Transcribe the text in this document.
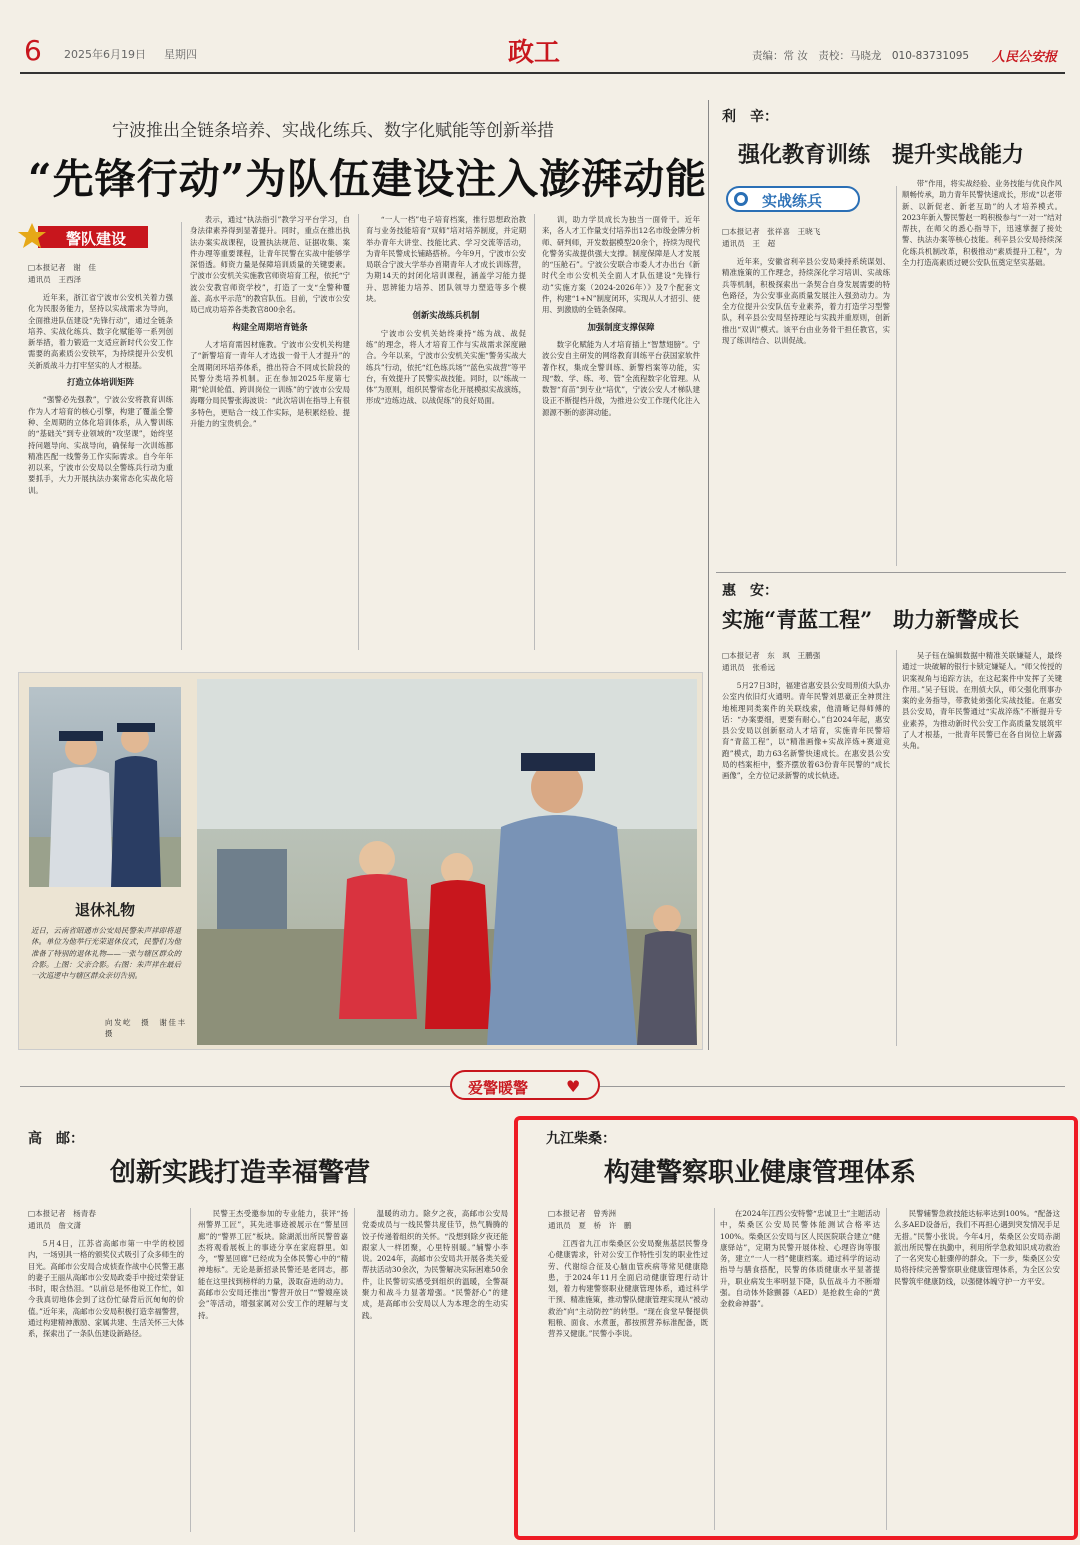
6 2025年6月19日 星期四	政工	责编：常 汝　责校：马晓龙　010-83731095 人民公安报
宁波推出全链条培养、实战化练兵、数字化赋能等创新举措
“先锋行动”为队伍建设注入澎湃动能
警队建设
□本报记者　谢　佳
通讯员　王西泽

近年来，浙江省宁波市公安机关着力强化为民服务能力，坚持以实战需求为导向，全面推进队伍建设“先锋行动”，通过全链条培养、实战化练兵、数字化赋能等一系列创新举措，着力锻造一支适应新时代公安工作需要的高素质公安铁军，为持续提升公安机关新质战斗力打牢坚实的人才根基。

打造立体培训矩阵

“强警必先强教”，宁波公安将教育训练作为人才培育的核心引擎，构建了覆盖全警种、全周期的立体化培训体系，从入警训练的“基础关”到专业领域的“攻坚课”，始终坚持问题导向、实战导向，确保每一次训练都精准匹配一线警务工作实际需求。自今年年初以来，宁波市公安局以全警练兵行动为重要抓手，大力开展执法办案常态化实战化培训。

表示，通过“执法指引”教学习平台学习，自身法律素养得到显著提升。同时，重点在推出执法办案实战课程，设置执法规范、证据收集、案件办理等重要课程，让青年民警在实战中能够学深悟透。师资力量是保障培训质量的关键要素。宁波市公安机关实施教官师资培育工程，依托“宁波公安教官师资学校”，打造了一支“全警种覆盖、高水平示范”的教官队伍。目前，宁波市公安局已成功培养各类教官800余名。

构建全周期培育链条

人才培育需因材施教。宁波市公安机关构建了“新警培育一青年人才选拔一骨干人才提升”的全周期闭环培养体系，推出符合不同成长阶段的民警分类培养机制。正在参加2025年度第七期“轮训轮值、跨训岗位一训练”的宁波市公安局海曙分局民警张海波说：“此次培训在指导上有很多特色，更贴合一线工作实际，是积累经验、提升能力的宝贵机会。”

“一人一档”电子培育档案，推行思想政治教育与业务技能培育“双师”培对培养制度，并定期举办青年大讲堂、技能比武、学习交流等活动，为青年民警成长铺路搭桥。今年9月，宁波市公安局联合宁波大学举办首期青年人才成长训练营，为期14天的封闭化培训课程，涵盖学习能力提升、思辨能力培养、团队领导力塑造等多个模块。

创新实战练兵机制

宁波市公安机关始终秉持“练为战、战促练”的理念，将人才培育工作与实战需求深度融合。今年以来，宁波市公安机关实施“警务实战大练兵”行动，依托“红色练兵场”“蓝色实战营”等平台，有效提升了民警实战技能。同时，以“练战一体”为原则，组织民警常态化开展模拟实战演练，形成“边练边战、以战促练”的良好局面。

训，助力学员成长为独当一面骨干。近年来，各人才工作量支付培养出12名市级金牌分析师、研判师，开发数据模型20余个，持续为现代化警务实战提供强大支撑。制度保障是人才发展的“压舱石”。宁波公安联合市委人才办出台《新时代全市公安机关全面人才队伍建设“先锋行动”实施方案（2024-2026年）》及7个配套文件，构建“1+N”制度闭环，实现从人才招引、使用、到激励的全链条保障。

加强制度支撑保障

数字化赋能为人才培育插上“智慧翅膀”。宁波公安自主研发的网络教育训练平台获国家软件著作权，集成全警训练、新警档案等功能，实现“数、学、练、考、管”全流程数字化管理。从数智“育苗”到专业“培优”，宁波公安人才梯队建设正不断提档升级，为推进公安工作现代化注入源源不断的澎湃动能。

退休礼物
近日，云南省昭通市公安局民警朱声祥即将退休。单位为他举行光荣退休仪式，民警们为他准备了特别的退休礼物——一张与辖区群众的合影。上图：父亲合影。右图：朱声祥在最后一次巡逻中与辖区群众亲切告别。
向发屹　摄　谢佳丰　摄
利　辛：
强化教育训练　提升实战能力
实战练兵
□本报记者　张祥喜　王晓飞
通讯员　王　超

近年来，安徽省利辛县公安局秉持系统谋划、精准施策的工作理念，持续深化学习培训、实战练兵等机制，积极探索出一条契合自身发展需要的特色路径，为公安事业高质量发展注入强劲动力。为全方位提升公安队伍专业素养，着力打造学习型警队，利辛县公安局坚持理论与实践并重原则，创新推出“双训”模式。该平台由业务骨干担任教官，实现了练训结合、以训促战。

带”作用，将实战经验、业务技能与优良作风顺畅传承，助力青年民警快速成长，形成“以老带新、以新促老、新老互助”的人才培养模式。2023年新入警民警赵一鸣积极参与“一对一”结对帮扶，在师父的悉心指导下，迅速掌握了接处警、执法办案等核心技能。利辛县公安局持续深化练兵机制改革，积极推动“素质提升工程”，为全力打造高素质过硬公安队伍奠定坚实基础。

惠　安：
实施“青蓝工程”　助力新警成长
□本报记者　东　飒　王鹏强
通讯员　张希远

5月27日3时，福建省惠安县公安局刑侦大队办公室内依旧灯火通明。青年民警刘思豪正全神贯注地梳理同类案件的关联线索，他清晰记得师傅的话：“办案要细，更要有耐心。”自2024年起，惠安县公安局以创新驱动人才培育，实施青年民警培育“青蓝工程”，以“精准画像+实战淬炼+赛道竞跑”模式，助力63名新警快速成长。在惠安县公安局的档案柜中，整齐摆放着63份青年民警的“成长画像”，全方位记录新警的成长轨迹。

吴子钰在编辑数据中精准关联嫌疑人，最终通过一块破解的银行卡锁定嫌疑人。“师父传授的识案视角与追踪方法，在这起案件中发挥了关键作用。”吴子钰说。在刑侦大队，师父强化刑事办案的业务指导，带教徒弟强化实战技能。在惠安县公安局，青年民警通过“实战淬炼”不断提升专业素养，为推动新时代公安工作高质量发展筑牢了人才根基，一批青年民警已在各自岗位上崭露头角。

爱警暖警 ♥
高　邮：
创新实践打造幸福警营
□本报记者　杨青春
通讯员　詹文潇

5月4日，江苏省高邮市第一中学的校园内，一场别具一格的颁奖仪式吸引了众多师生的目光。高邮市公安局合成侦查作战中心民警王惠的妻子王丽从高邮市公安局政委手中接过荣誉证书时，眼含热泪。“以前总是怀他说工作忙，如今我真切地体会到了这份忙碌背后沉甸甸的价值。”近年来，高邮市公安局积极打造幸福警营，通过构建精神激励、家属共建、生活关怀三大体系，探索出了一条队伍建设新路径。

民警王杰受邀参加的专业能力，获评“扬州警界工匠”，其先进事迹被展示在“警星回廊”的“警界工匠”板块。除湖派出所民警曾嘉杰将观看展板上的事迹分享在家庭群里。如今，“警星回廊”已经成为全体民警心中的“精神地标”。无论是新招录民警还是老同志，都能在这里找到榜样的力量，汲取奋进的动力。高邮市公安局还推出“警营开放日”“警嫂座谈会”等活动，增强家属对公安工作的理解与支持。

温暖的动力。除夕之夜，高邮市公安局党委成员与一线民警共度佳节，热气腾腾的饺子传递着组织的关怀。“没想到除夕夜还能跟家人一样团聚，心里特别暖。”辅警小李说。2024年，高邮市公安局共开展各类关爱帮扶活动30余次，为民警解决实际困难50余件，让民警切实感受到组织的温暖，全警凝聚力和战斗力显著增强。“民警舒心”的建成，是高邮市公安局以人为本理念的生动实践。

九江柴桑：
构建警察职业健康管理体系
□本报记者　曾秀洲
通讯员　夏　桥　许　鹏

江西省九江市柴桑区公安局聚焦基层民警身心健康需求，针对公安工作特性引发的职业性过劳、代谢综合征及心脑血管疾病等常见健康隐患，于2024年11月全面启动健康管理行动计划，着力构建警察职业健康管理体系，通过科学干预、精准施策，推动警队健康管理实现从“被动救治”向“主动防控”的转型。“现在食堂早餐提供粗粮、面食、水煮蛋，都按照营养标准配备，既营养又健康。”民警小李说。

在2024年江西公安特警“忠诚卫士”主题活动中，柴桑区公安局民警体能测试合格率达100%。柴桑区公安局与区人民医院联合建立“健康驿站”，定期为民警开展体检、心理咨询等服务，建立“一人一档”健康档案。通过科学的运动指导与膳食搭配，民警的体质健康水平显著提升，职业病发生率明显下降，队伍战斗力不断增强。自动体外除颤器（AED）是抢救生命的“黄金救命神器”。

民警辅警急救技能达标率达到100%。“配备这么多AED设备后，我们不再担心遇到突发情况手足无措。”民警小张说。今年4月，柴桑区公安局赤湖派出所民警在执勤中，利用所学急救知识成功救治了一名突发心脏骤停的群众。下一步，柴桑区公安局将持续完善警察职业健康管理体系，为全区公安民警筑牢健康防线，以强健体魄守护一方平安。
